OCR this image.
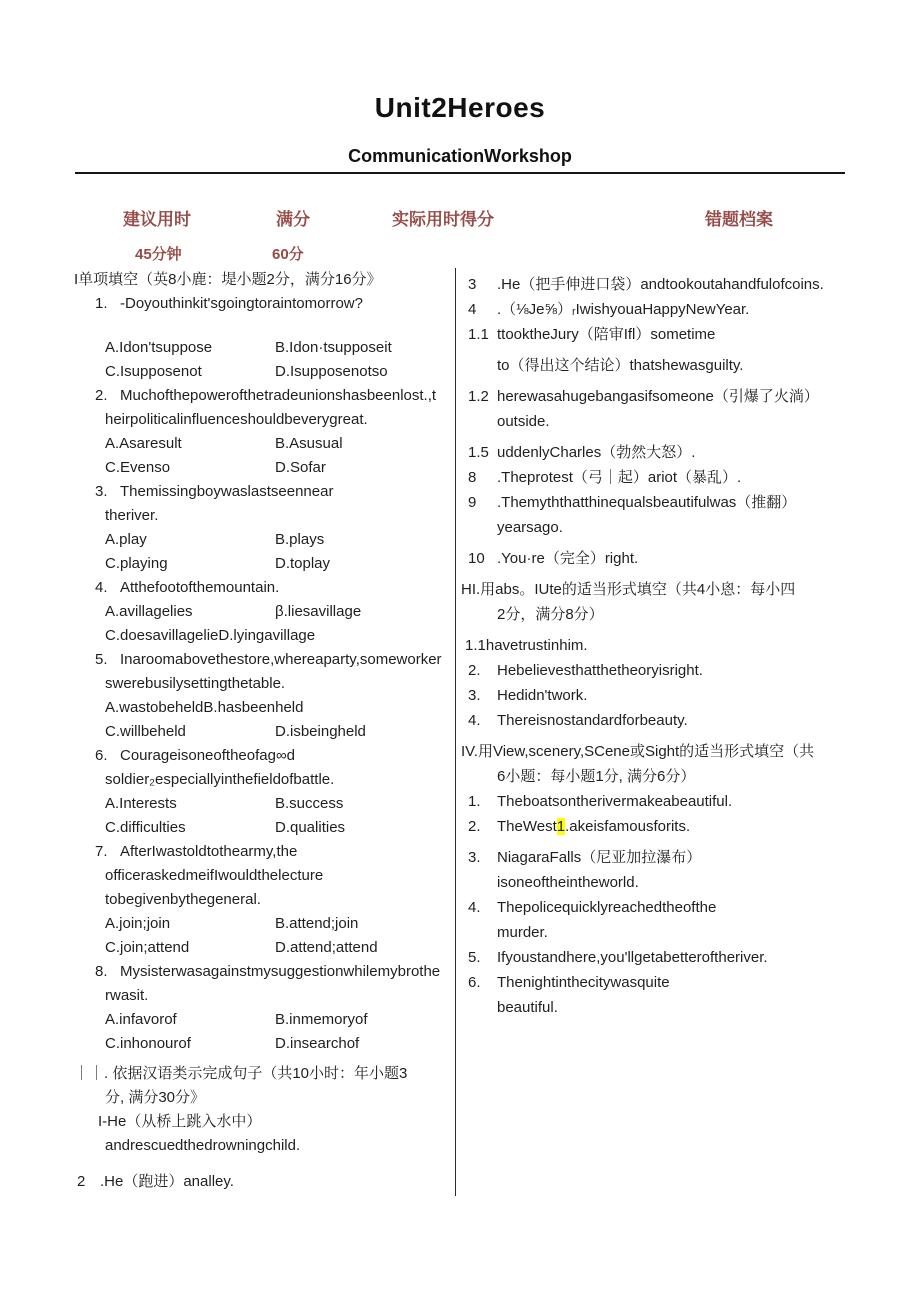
Unit2Heroes
CommunicationWorkshop
建议用时	满分	实际用时得分	错题档案
45分钟	60分
I单项填空（英8小鹿：堤小题2分，满分16分》
1. -Doyouthinkit'sgoingtoraintomorrow?
A.Idon'tsuppose	B.Idon·tsupposeit
C.Isupposenot	D.Isupposenotso
2. Muchofthepowerofthetradeunionshasbeenlost.,t
heirpoliticalinfluenceshouldbeverygreat.
A.Asaresult	B.Asusual
C.Evenso	D.Sofar
3. Themissingboywaslastseennear
theriver.
A.play	B.plays
C.playing	D.toplay
4. Atthefootofthemountain.
A.avillagelies	β.liesavillage
C.doesavillagelieD.lyingavillage
5. Inaroomabovethestore,whereaparty,someworker
swerebusilysettingthetable.
A.wastobeheldB.hasbeenheld
C.willbeheld	D.isbeingheld
6. Courageisoneoftheofag∞d
soldier₂especiallyinthefieldofbattle.
A.Interests	B.success
C.difficulties	D.qualities
7. AfterIwastoldtothearmy,the
officeraskedmeifIwouldthelecture
tobegivenbythegeneral.
A.join;join	B.attend;join
C.join;attend	D.attend;attend
8. Mysisterwasagainstmysuggestionwhilemybrothe
rwasit.
A.infavorof	B.inmemoryof
C.inhonourof	D.insearchof
｜｜. 依据汉语类示完成句子（共10小时：年小题3
分, 满分30分》
I-He（从桥上跳入水中）
andrescuedthedrowningchild.
2 .He（跑进）analley.
3 .He（把手伸进口袋）andtookoutahandfulofcoins.
4 .（⅛Je⅝）ᵣIwishyouaHappyNewYear.
1.1 ttooktheJury（陪审Ifl）sometime
to（得出这个结论）thatshewasguilty.
1.2 herewasahugebangasifsomeone（引爆了火淌）
outside.
1.5 uddenlyCharles（勃然大怒）.
8 .Theprotest（弓｜起）ariot（暴乱）.
9 .Themyththatthinequalsbeautifulwas（推翻）
yearsago.
10 .You·re（完全）right.
HI.用abs。IUte的适当形式填空（共4小恖：每小四
2分，满分8分）
1.1havetrustinhim.
2. Hebelievesthatthetheoryisright.
3. Hedidn'twork.
4. Thereisnostandardforbeauty.
IV.用View,scenery,SCene或Sight的适当形式填空（共
6小题：每小题1分, 满分6分）
1. Theboatsontherivermakeabeautiful.
2. TheWest1.akeisfamousforits.
3. NiagaraFalls（尼亚加拉瀑布）
isoneoftheintheworld.
4. Thepolicequicklyreachedtheofthe
murder.
5. Ifyoustandhere,you'llgetabetteroftheriver.
6. Thenightinthecitywasquite
beautiful.
